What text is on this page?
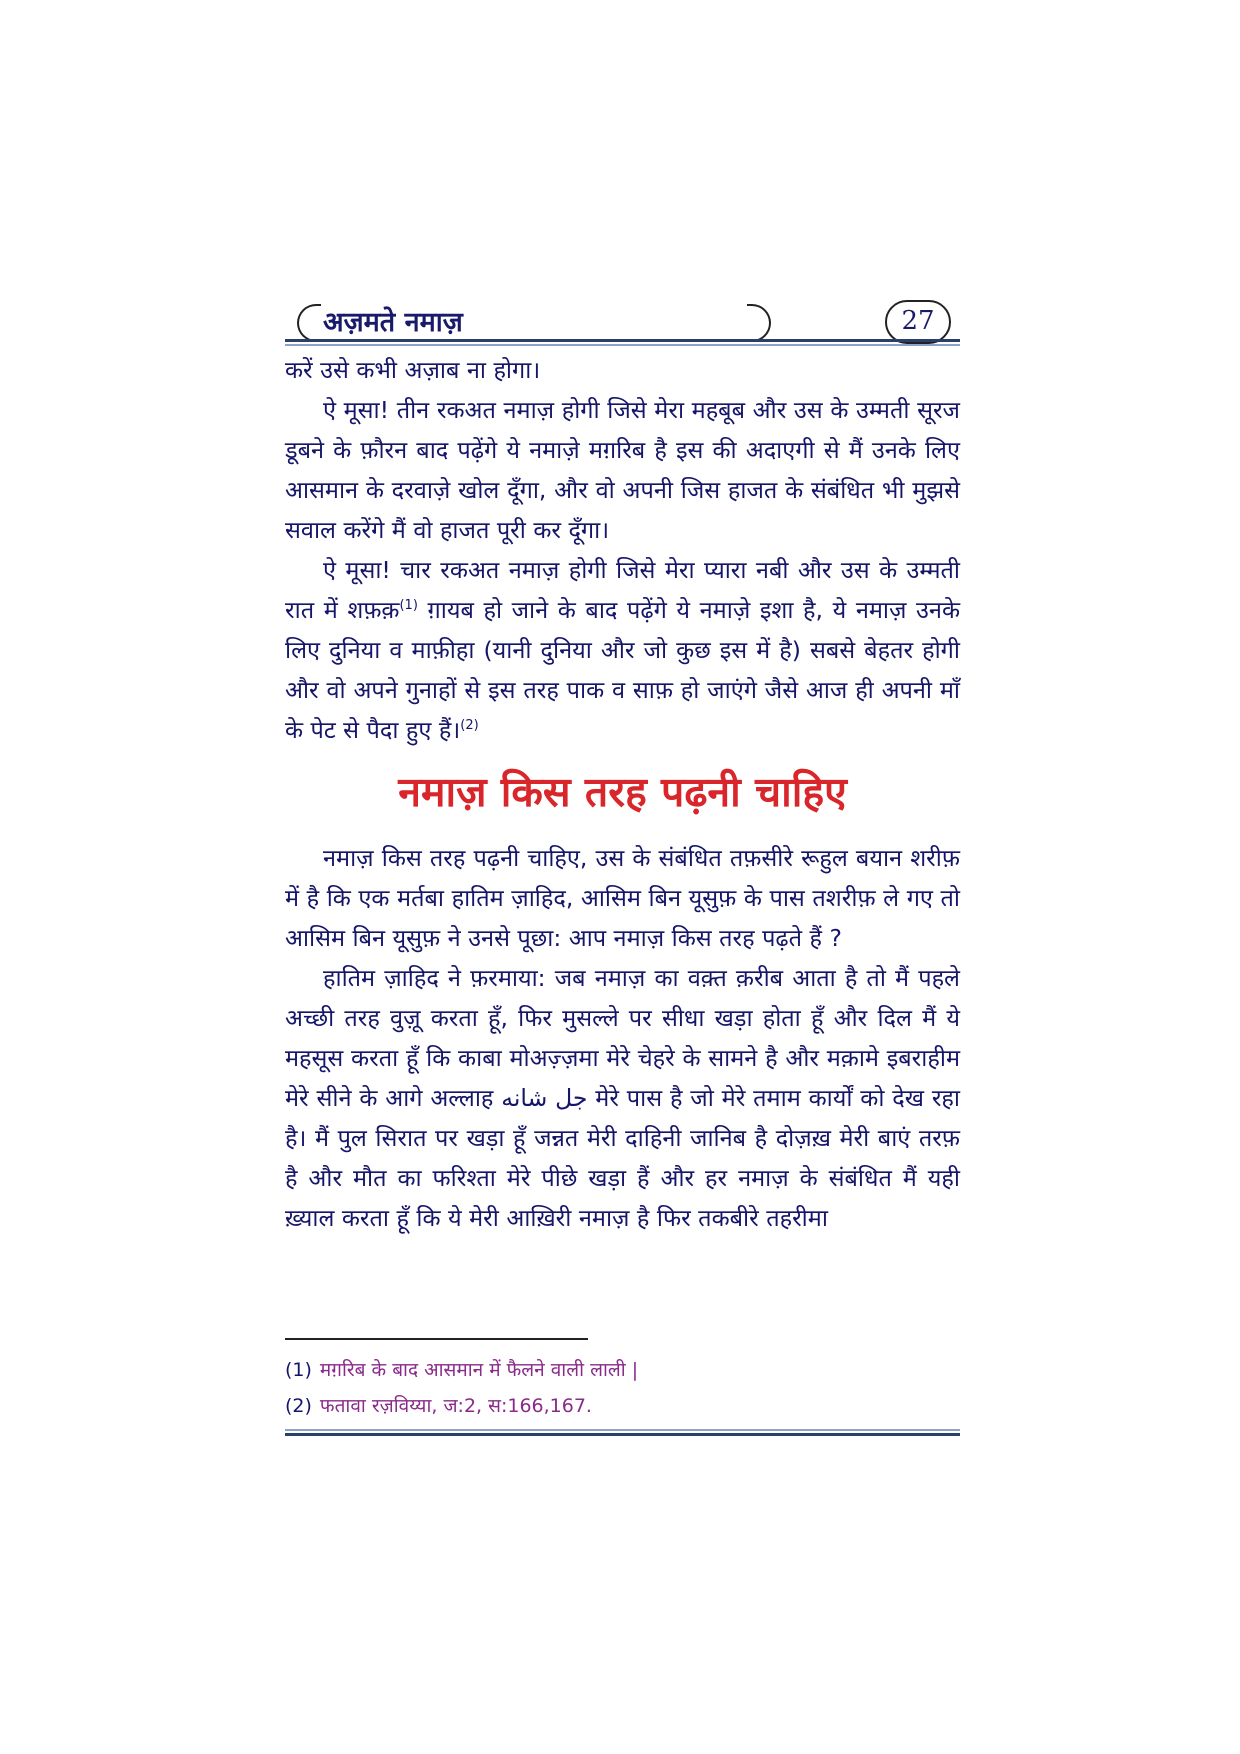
अज़मते नमाज़	27

करें उसे कभी अज़ाब ना होगा।

ऐ मूसा! तीन रकअत नमाज़ होगी जिसे मेरा महबूब और उस के उम्मती सूरज डूबने के फ़ौरन बाद पढ़ेंगे ये नमाज़े मग़रिब है इस की अदाएगी से मैं उनके लिए आसमान के दरवाज़े खोल दूँगा, और वो अपनी जिस हाजत के संबंधित भी मुझसे सवाल करेंगे मैं वो हाजत पूरी कर दूँगा।

ऐ मूसा! चार रकअत नमाज़ होगी जिसे मेरा प्यारा नबी और उस के उम्मती रात में शफ़क़$^{(1)}$ ग़ायब हो जाने के बाद पढ़ेंगे ये नमाज़े इशा है, ये नमाज़ उनके लिए दुनिया व माफ़ीहा (यानी दुनिया और जो कुछ इस में है) सबसे बेहतर होगी और वो अपने गुनाहों से इस तरह पाक व साफ़ हो जाएंगे जैसे आज ही अपनी माँ के पेट से पैदा हुए हैं।$^{(2)}$

नमाज़ किस तरह पढ़नी चाहिए

नमाज़ किस तरह पढ़नी चाहिए, उस के संबंधित तफ़सीरे रूहुल बयान शरीफ़ में है कि एक मर्तबा हातिम ज़ाहिद, आसिम बिन यूसुफ़ के पास तशरीफ़ ले गए तो आसिम बिन यूसुफ़ ने उनसे पूछा: आप नमाज़ किस तरह पढ़ते हैं ?

हातिम ज़ाहिद ने फ़रमाया: जब नमाज़ का वक़्त क़रीब आता है तो मैं पहले अच्छी तरह वुज़ू करता हूँ, फिर मुसल्ले पर सीधा खड़ा होता हूँ और दिल मैं ये महसूस करता हूँ कि काबा मोअज़्ज़मा मेरे चेहरे के सामने है और मक़ामे इबराहीम मेरे सीने के आगे अल्लाह جل شانه मेरे पास है जो मेरे तमाम कार्यों को देख रहा है। मैं पुल सिरात पर खड़ा हूँ जन्नत मेरी दाहिनी जानिब है दोज़ख़ मेरी बाएं तरफ़ है और मौत का फरिश्ता मेरे पीछे खड़ा हैं और हर नमाज़ के संबंधित मैं यही ख़्याल करता हूँ कि ये मेरी आख़िरी नमाज़ है फिर तकबीरे तहरीमा

(1) मग़रिब के बाद आसमान में फैलने वाली लाली |
(2) फतावा रज़विय्या, ज:2, स:166,167.
